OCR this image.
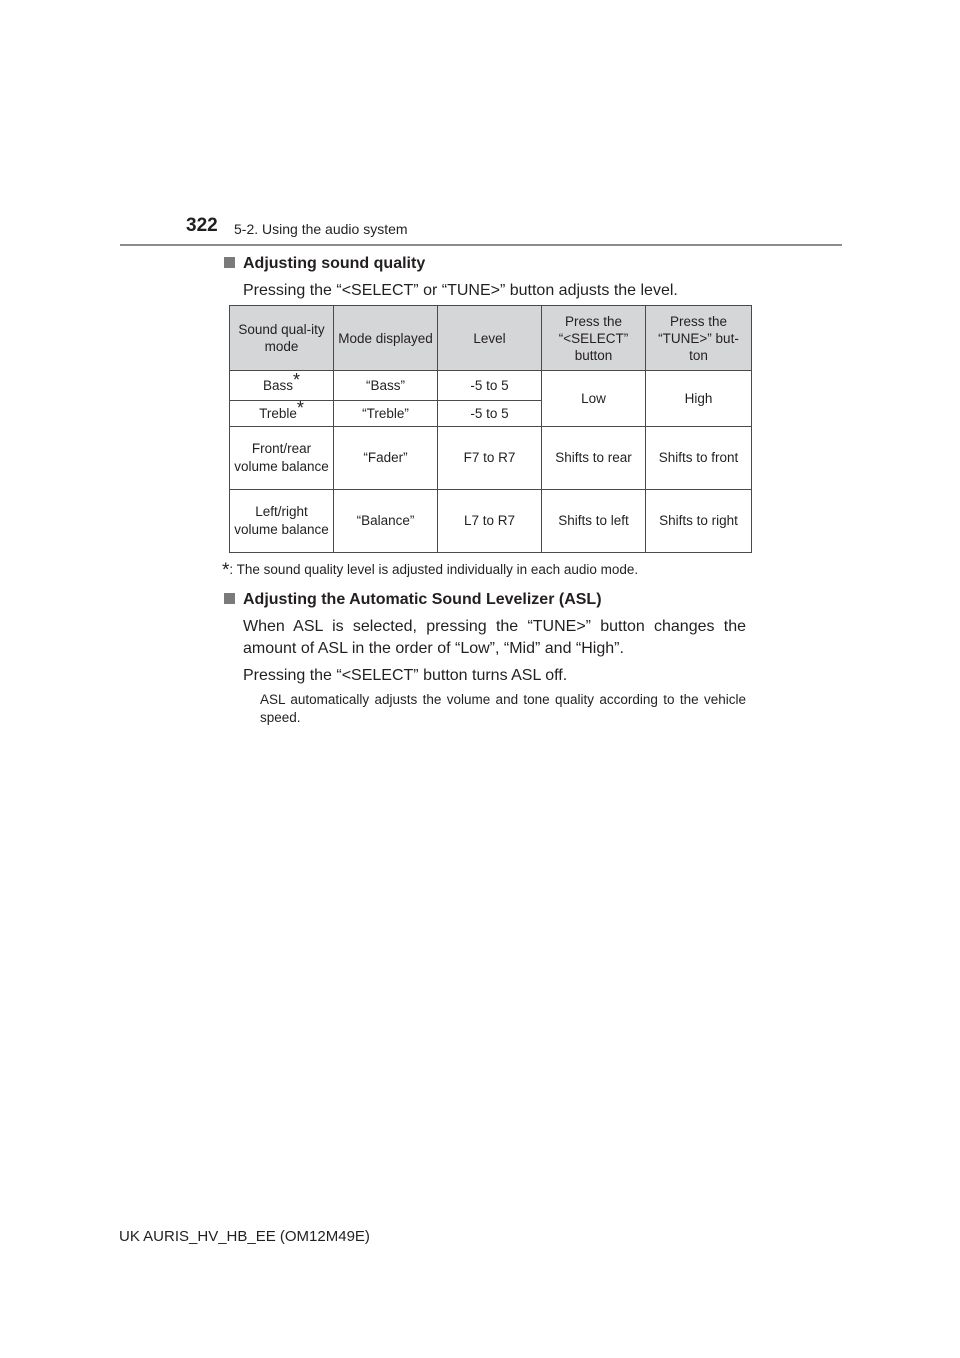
322 5-2. Using the audio system
Adjusting sound quality
Pressing the “<SELECT” or “TUNE>” button adjusts the level.
Sound qual-ity mode	Mode displayed	Level	Press the “<SELECT” button	Press the “TUNE>” but-ton
Bass*	“Bass”	-5 to 5	Low	High
Treble*	“Treble”	-5 to 5		
Front/rear volume balance	“Fader”	F7 to R7	Shifts to rear	Shifts to front
Left/right volume balance	“Balance”	L7 to R7	Shifts to left	Shifts to right
*: The sound quality level is adjusted individually in each audio mode.
Adjusting the Automatic Sound Levelizer (ASL)
When ASL is selected, pressing the “TUNE>” button changes the amount of ASL in the order of “Low”, “Mid” and “High”.
Pressing the “<SELECT” button turns ASL off.
ASL automatically adjusts the volume and tone quality according to the vehicle speed.
UK AURIS_HV_HB_EE (OM12M49E)
